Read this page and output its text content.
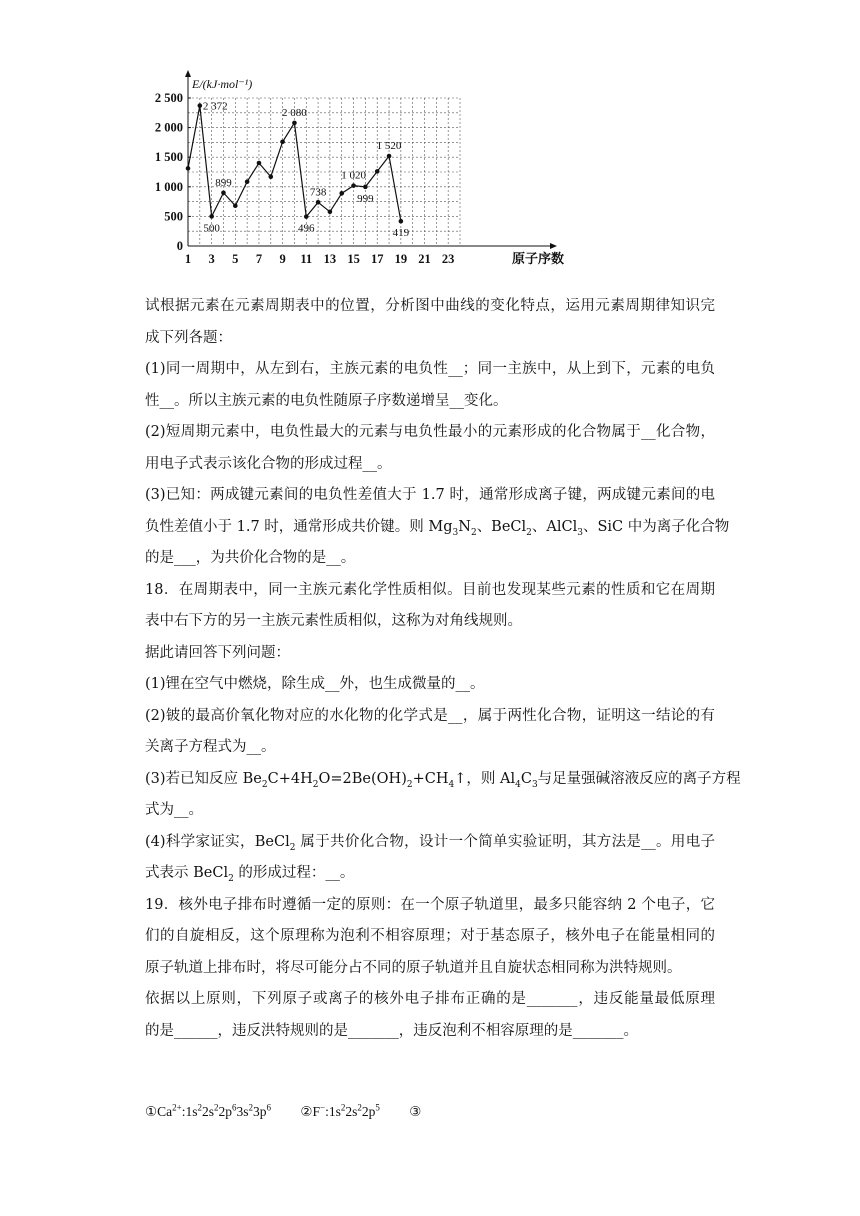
0
500
1 000
1 500
2 000
2 500
1 3 5 7 9 11 13 15 17 19 21 23
E/(kJ·mol⁻¹)
原子序数
2 372
500
899
2 080
496
738
1 020
999
1 520
419
试根据元素在元素周期表中的位置，分析图中曲线的变化特点，运用元素周期律知识完
成下列各题：
(1)同一周期中，从左到右，主族元素的电负性__；同一主族中，从上到下，元素的电负
性__。所以主族元素的电负性随原子序数递增呈__变化。
(2)短周期元素中，电负性最大的元素与电负性最小的元素形成的化合物属于__化合物，
用电子式表示该化合物的形成过程__。
(3)已知：两成键元素间的电负性差值大于 1.7 时，通常形成离子键，两成键元素间的电
负性差值小于 1.7 时，通常形成共价键。则 $Mg_3N_2$、BeCl$_2$、AlCl$_3$、SiC 中为离子化合物
的是___，为共价化合物的是__。
18．在周期表中，同一主族元素化学性质相似。目前也发现某些元素的性质和它在周期
表中右下方的另一主族元素性质相似，这称为对角线规则。
据此请回答下列问题：
(1)锂在空气中燃烧，除生成__外，也生成微量的__。
(2)铍的最高价氧化物对应的水化物的化学式是__，属于两性化合物，证明这一结论的有
关离子方程式为__。
(3)若已知反应 $Be_2C+4H_2O=2Be(OH)_2+CH_4↑$，则 $Al_4C_3$与足量强碱溶液反应的离子方程
式为__。
(4)科学家证实，BeCl$_2$ 属于共价化合物，设计一个简单实验证明，其方法是__。用电子
式表示 BeCl$_2$ 的形成过程：__。
19．核外电子排布时遵循一定的原则：在一个原子轨道里，最多只能容纳 2 个电子，它
们的自旋相反，这个原理称为泡利不相容原理；对于基态原子，核外电子在能量相同的
原子轨道上排布时，将尽可能分占不同的原子轨道并且自旋状态相同称为洪特规则。
依据以上原则，下列原子或离子的核外电子排布正确的是_______，违反能量最低原理
的是______，违反洪特规则的是_______，违反泡利不相容原理的是_______。
$①Ca^{2+}:1s^22s^22p^63s^23p^6$ $②F^-:1s^22s^22p^5$ ③
